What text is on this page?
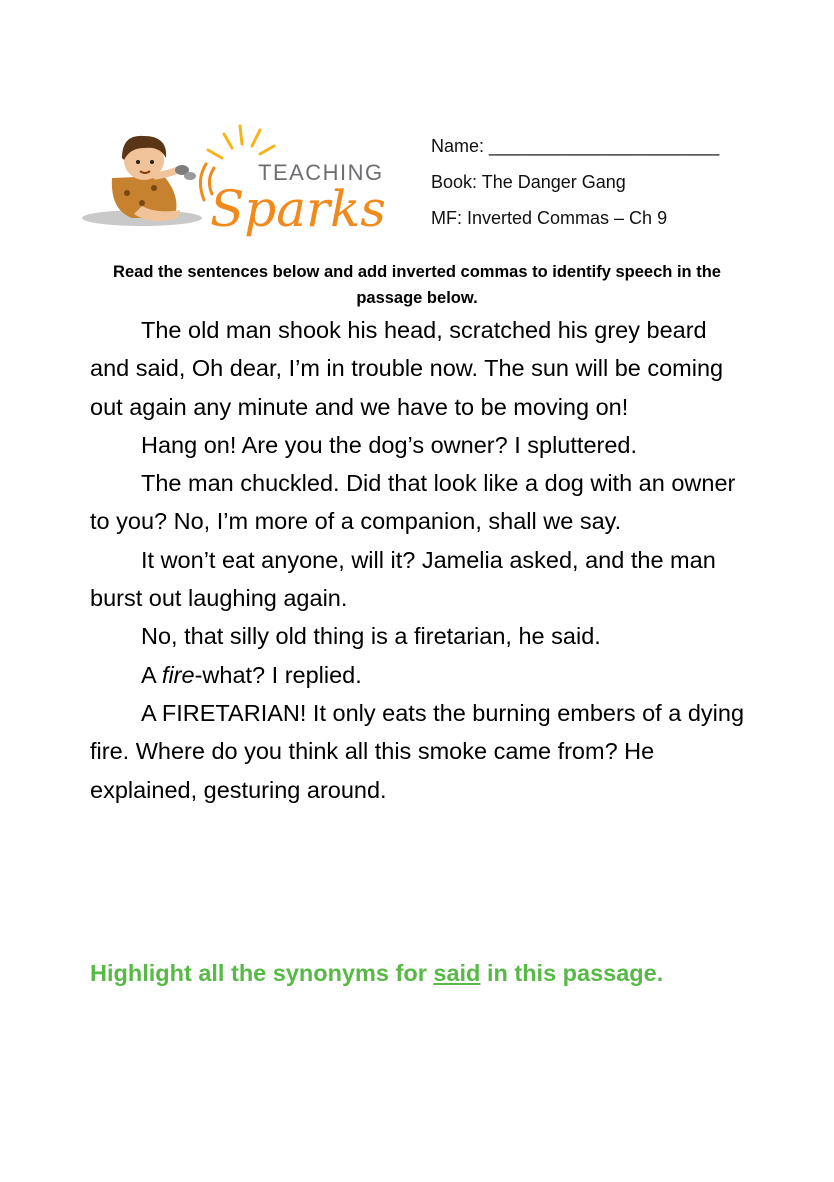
TEACHING
Sparks
Name: _______________________
Book: The Danger Gang
MF: Inverted Commas – Ch 9
Read the sentences below and add inverted commas to identify speech in the passage below.

The old man shook his head, scratched his grey beard and said, Oh dear, I’m in trouble now. The sun will be coming out again any minute and we have to be moving on!

Hang on! Are you the dog’s owner? I spluttered.

The man chuckled. Did that look like a dog with an owner to you? No, I’m more of a companion, shall we say.

It won’t eat anyone, will it? Jamelia asked, and the man burst out laughing again.

No, that silly old thing is a firetarian, he said.

A fire-what? I replied.

A FIRETARIAN! It only eats the burning embers of a dying fire. Where do you think all this smoke came from? He explained, gesturing around.

Highlight all the synonyms for said in this passage.
